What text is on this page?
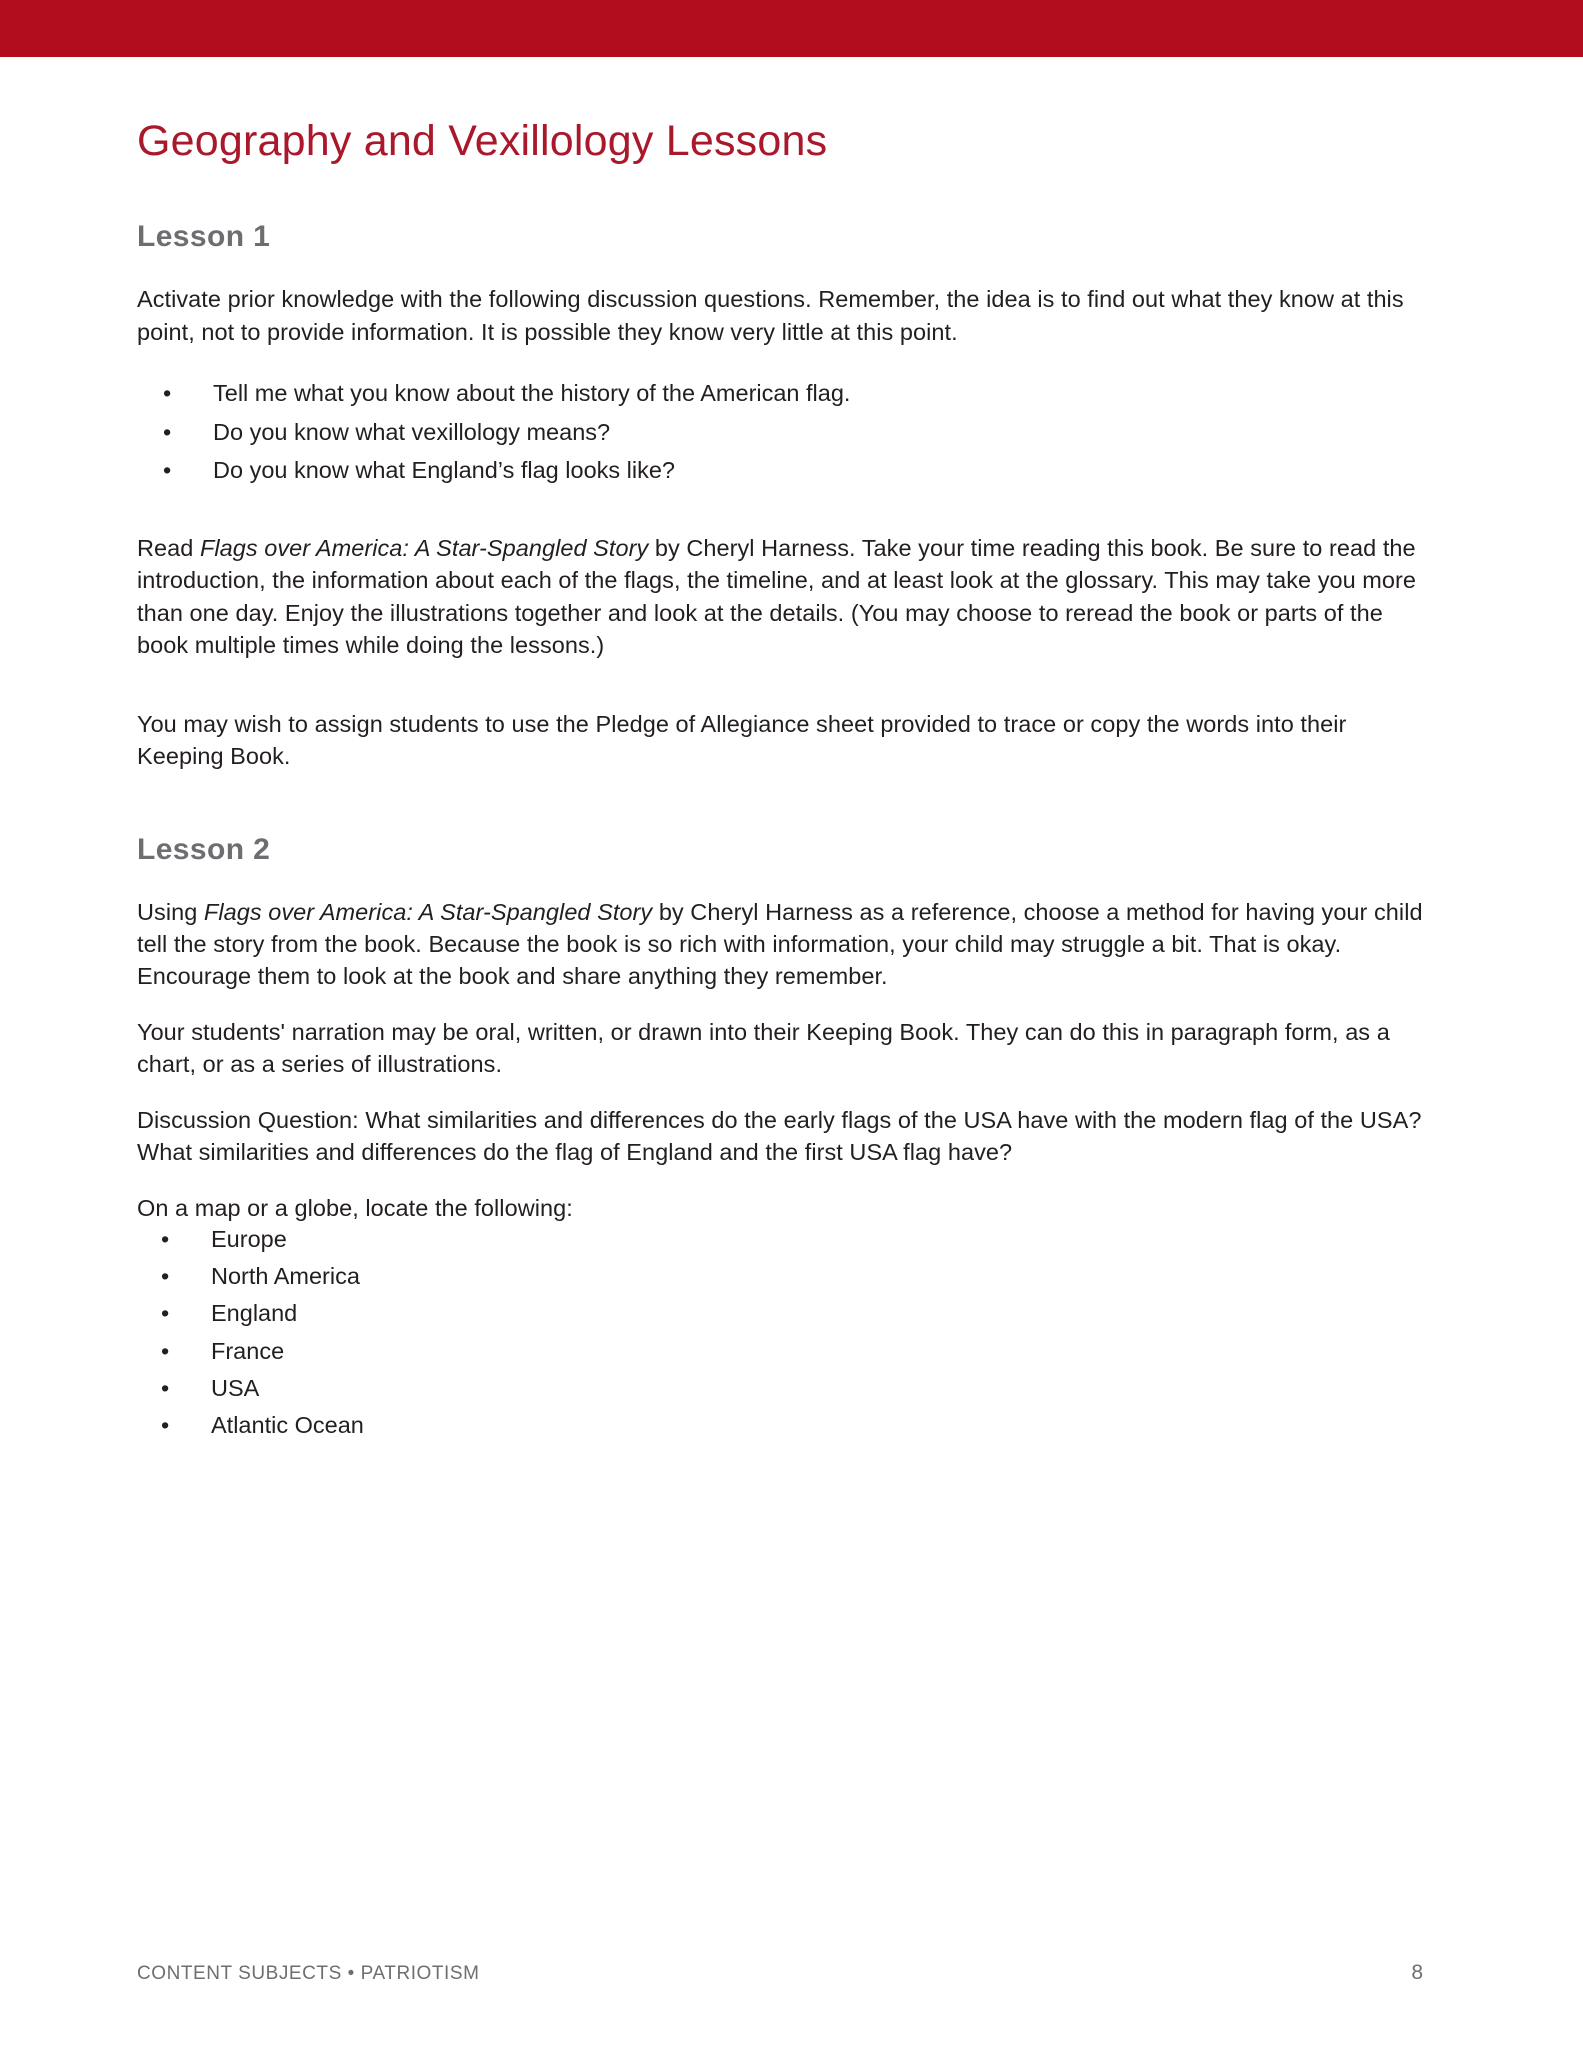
Geography and Vexillology Lessons
Lesson 1

Activate prior knowledge with the following discussion questions. Remember, the idea is to find out what they know at this point, not to provide information. It is possible they know very little at this point.

• Tell me what you know about the history of the American flag.
• Do you know what vexillology means?
• Do you know what England’s flag looks like?

Read Flags over America: A Star-Spangled Story by Cheryl Harness. Take your time reading this book. Be sure to read the introduction, the information about each of the flags, the timeline, and at least look at the glossary. This may take you more than one day. Enjoy the illustrations together and look at the details. (You may choose to reread the book or parts of the book multiple times while doing the lessons.)

You may wish to assign students to use the Pledge of Allegiance sheet provided to trace or copy the words into their Keeping Book.

Lesson 2

Using Flags over America: A Star-Spangled Story by Cheryl Harness as a reference, choose a method for having your child tell the story from the book. Because the book is so rich with information, your child may struggle a bit. That is okay. Encourage them to look at the book and share anything they remember.

Your students' narration may be oral, written, or drawn into their Keeping Book. They can do this in paragraph form, as a chart, or as a series of illustrations.

Discussion Question: What similarities and differences do the early flags of the USA have with the modern flag of the USA? What similarities and differences do the flag of England and the first USA flag have?

On a map or a globe, locate the following:

• Europe
• North America
• England
• France
• USA
• Atlantic Ocean
CONTENT SUBJECTS • PATRIOTISM	8
